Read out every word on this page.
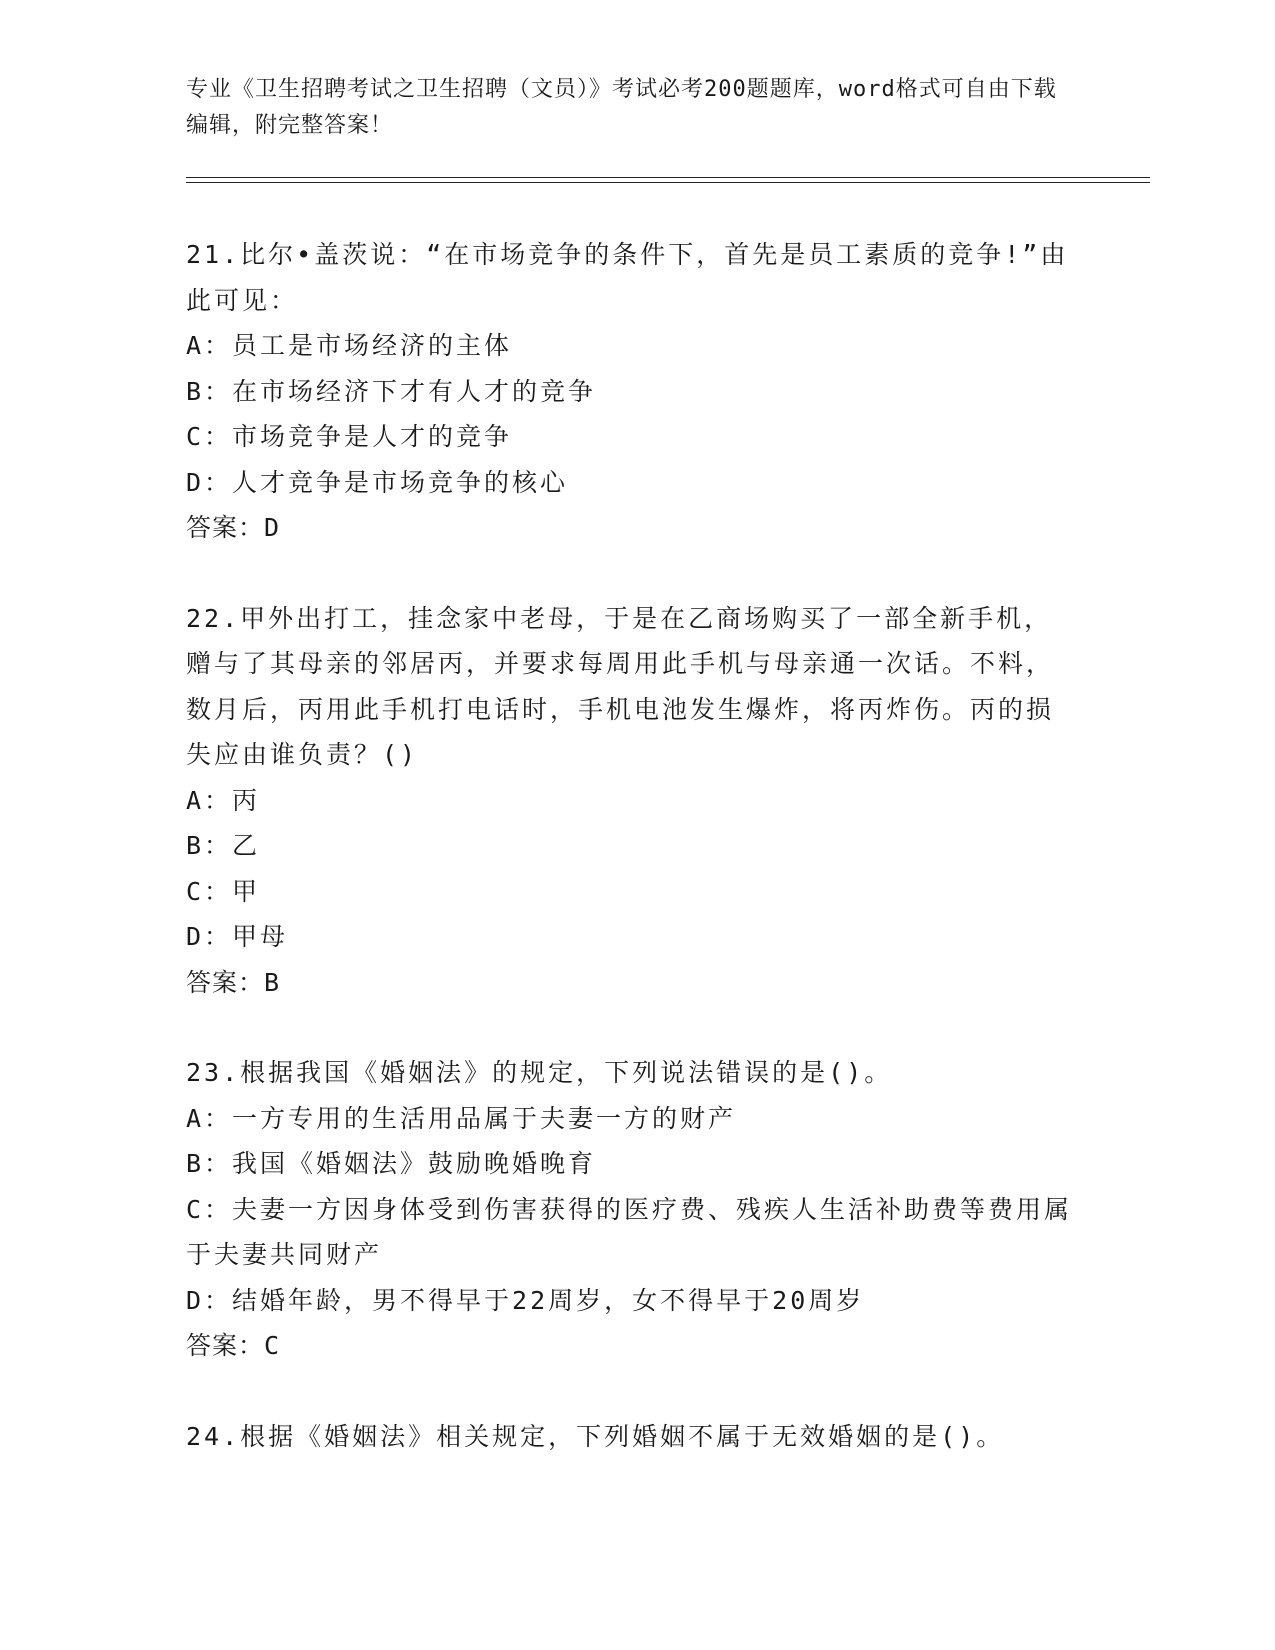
专业《卫生招聘考试之卫生招聘（文员）》考试必考200题题库，word格式可自由下载编辑，附完整答案！

21.比尔•盖茨说：“在市场竞争的条件下，首先是员工素质的竞争!”由此可见：

A：员工是市场经济的主体

B：在市场经济下才有人才的竞争

C：市场竞争是人才的竞争

D：人才竞争是市场竞争的核心

答案：D

22.甲外出打工，挂念家中老母，于是在乙商场购买了一部全新手机，赠与了其母亲的邻居丙，并要求每周用此手机与母亲通一次话。不料，数月后，丙用此手机打电话时，手机电池发生爆炸，将丙炸伤。丙的损失应由谁负责？()

A：丙

B：乙

C：甲

D：甲母

答案：B

23.根据我国《婚姻法》的规定，下列说法错误的是()。

A：一方专用的生活用品属于夫妻一方的财产

B：我国《婚姻法》鼓励晚婚晚育

C：夫妻一方因身体受到伤害获得的医疗费、残疾人生活补助费等费用属于夫妻共同财产

D：结婚年龄，男不得早于22周岁，女不得早于20周岁

答案：C

24.根据《婚姻法》相关规定，下列婚姻不属于无效婚姻的是()。
